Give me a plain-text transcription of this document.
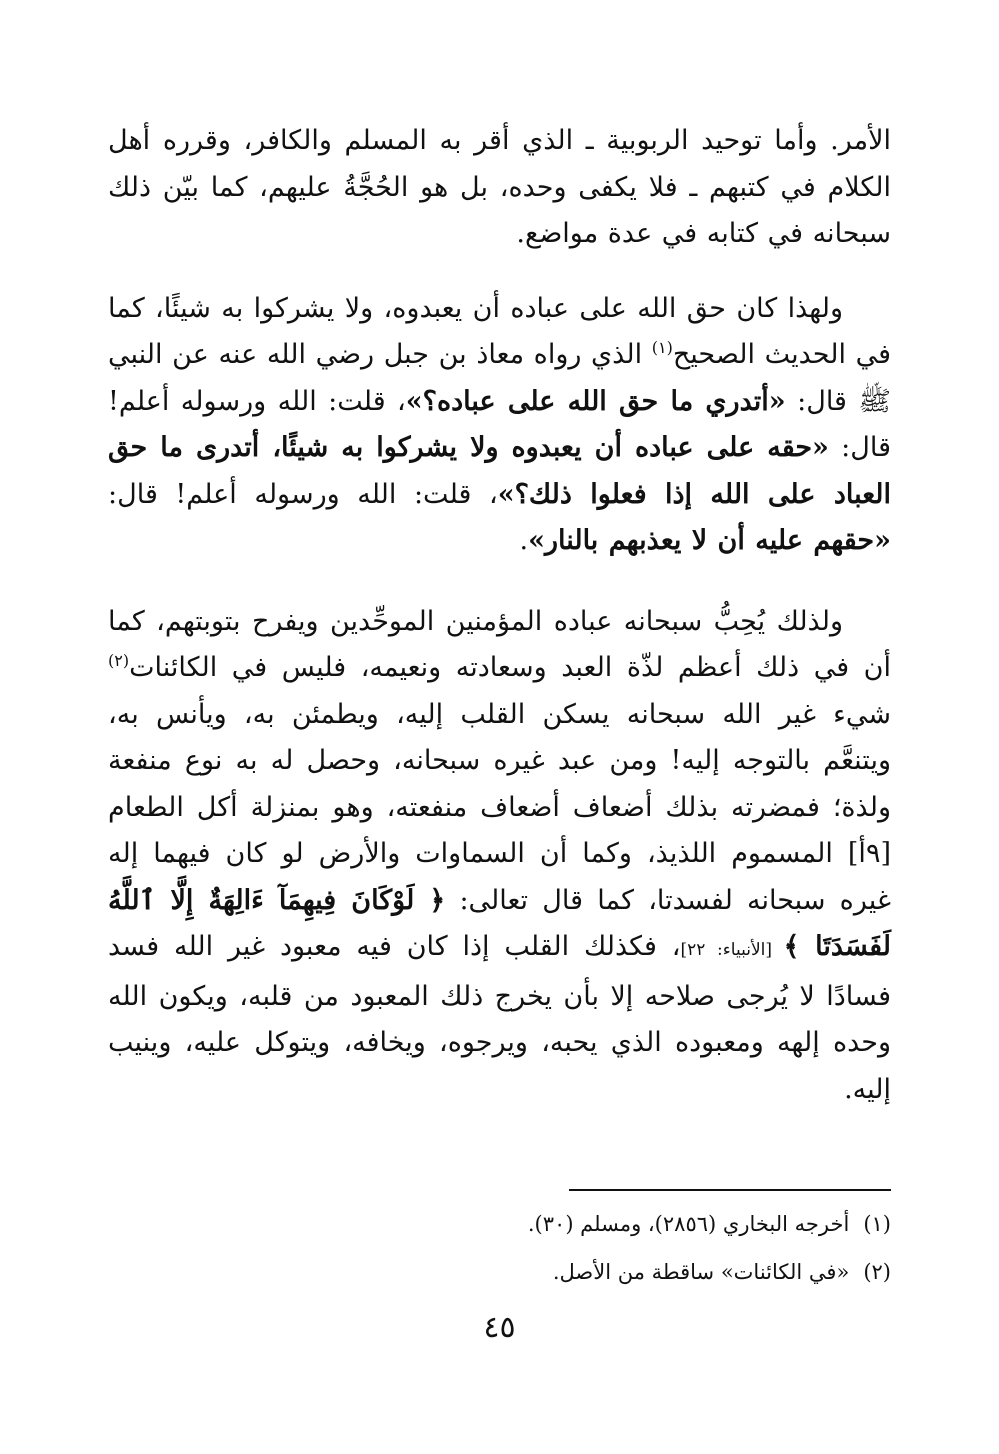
الأمر. وأما توحيد الربوبية ـ الذي أقر به المسلم والكافر، وقرره أهل الكلام في كتبهم ـ فلا يكفى وحده، بل هو الحُجَّةُ عليهم، كما بيّن ذلك سبحانه في كتابه في عدة مواضع.

ولهذا كان حق الله على عباده أن يعبدوه، ولا يشركوا به شيئًا، كما في الحديث الصحيح$^{(١)}$ الذي رواه معاذ بن جبل رضي الله عنه عن النبي ﷺ قال: «أتدري ما حق الله على عباده؟»، قلت: الله ورسوله أعلم! قال: «حقه على عباده أن يعبدوه ولا يشركوا به شيئًا، أتدرى ما حق العباد على الله إذا فعلوا ذلك؟»، قلت: الله ورسوله أعلم! قال: «حقهم عليه أن لا يعذبهم بالنار».

ولذلك يُحِبُّ سبحانه عباده المؤمنين الموحِّدين ويفرح بتوبتهم، كما أن في ذلك أعظم لذّة العبد وسعادته ونعيمه، فليس في الكائنات$^{(٢)}$ شيء غير الله سبحانه يسكن القلب إليه، ويطمئن به، ويأنس به، ويتنعَّم بالتوجه إليه! ومن عبد غيره سبحانه، وحصل له به نوع منفعة ولذة؛ فمضرته بذلك أضعاف أضعاف منفعته، وهو بمنزلة أكل الطعام [٩أ] المسموم اللذيذ، وكما أن السماوات والأرض لو كان فيهما إله غيره سبحانه لفسدتا، كما قال تعالى: ﴿ لَوْكَانَ فِيهِمَآ ءَالِهَةٌ إِلَّا ٱللَّهُ لَفَسَدَتَا ﴾ [الأنبياء: ٢٢]، فكذلك القلب إذا كان فيه معبود غير الله فسد فسادًا لا يُرجى صلاحه إلا بأن يخرج ذلك المعبود من قلبه، ويكون الله وحده إلهه ومعبوده الذي يحبه، ويرجوه، ويخافه، ويتوكل عليه، وينيب إليه.

(١)أخرجه البخاري (٢٨٥٦)، ومسلم (٣٠).

(٢)«في الكائنات» ساقطة من الأصل.

٤٥
